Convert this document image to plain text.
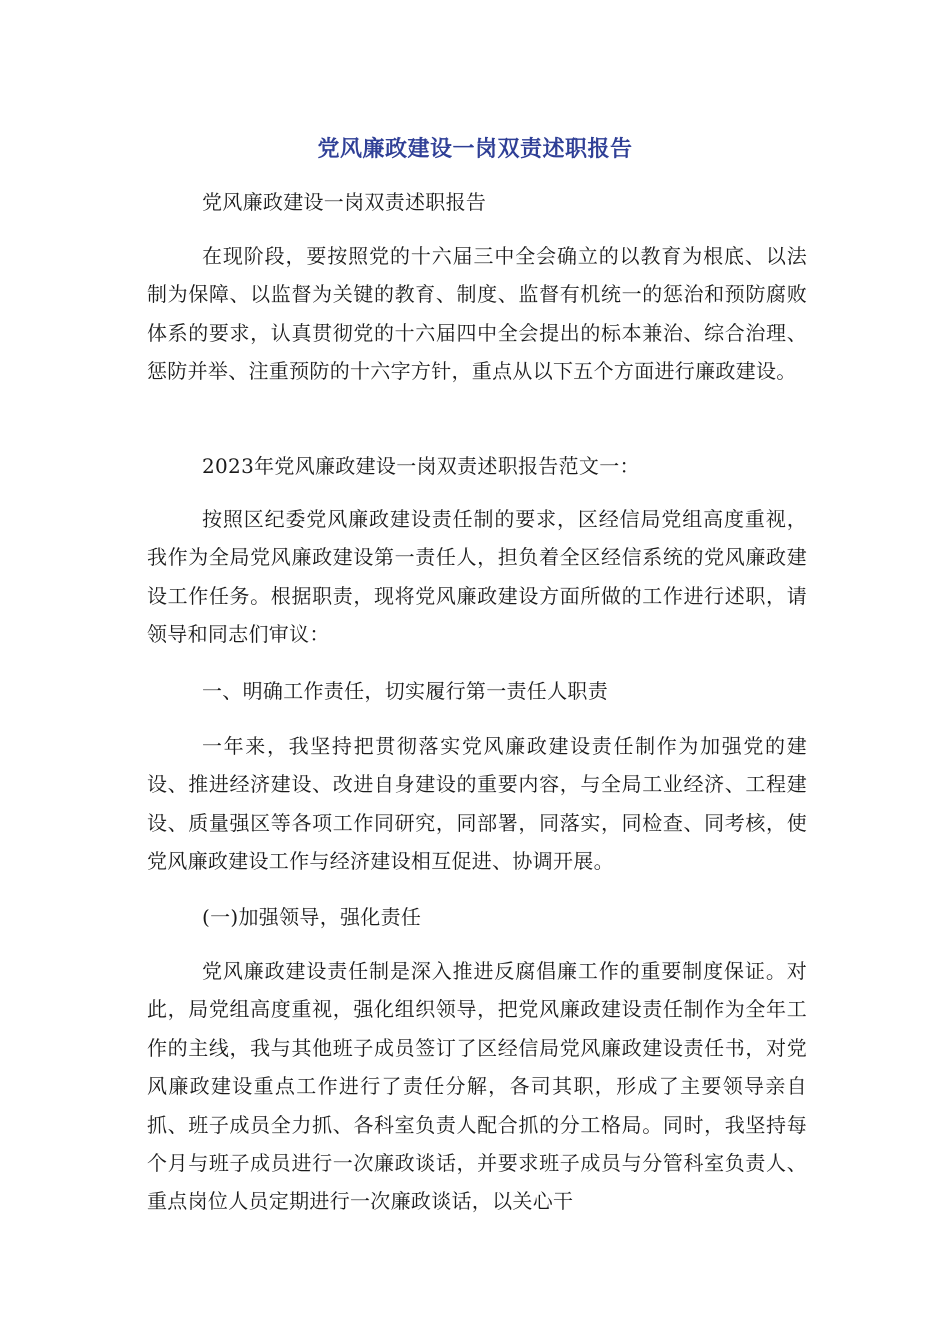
党风廉政建设一岗双责述职报告

党风廉政建设一岗双责述职报告

在现阶段，要按照党的十六届三中全会确立的以教育为根底、以法制为保障、以监督为关键的教育、制度、监督有机统一的惩治和预防腐败体系的要求，认真贯彻党的十六届四中全会提出的标本兼治、综合治理、惩防并举、注重预防的十六字方针，重点从以下五个方面进行廉政建设。

2023年党风廉政建设一岗双责述职报告范文一：

按照区纪委党风廉政建设责任制的要求，区经信局党组高度重视，我作为全局党风廉政建设第一责任人，担负着全区经信系统的党风廉政建设工作任务。根据职责，现将党风廉政建设方面所做的工作进行述职，请领导和同志们审议：

一、明确工作责任，切实履行第一责任人职责

一年来，我坚持把贯彻落实党风廉政建设责任制作为加强党的建设、推进经济建设、改进自身建设的重要内容，与全局工业经济、工程建设、质量强区等各项工作同研究，同部署，同落实，同检查、同考核，使党风廉政建设工作与经济建设相互促进、协调开展。

(一)加强领导，强化责任

党风廉政建设责任制是深入推进反腐倡廉工作的重要制度保证。对此，局党组高度重视，强化组织领导，把党风廉政建设责任制作为全年工作的主线，我与其他班子成员签订了区经信局党风廉政建设责任书，对党风廉政建设重点工作进行了责任分解，各司其职，形成了主要领导亲自抓、班子成员全力抓、各科室负责人配合抓的分工格局。同时，我坚持每个月与班子成员进行一次廉政谈话，并要求班子成员与分管科室负责人、重点岗位人员定期进行一次廉政谈话，以关心干
